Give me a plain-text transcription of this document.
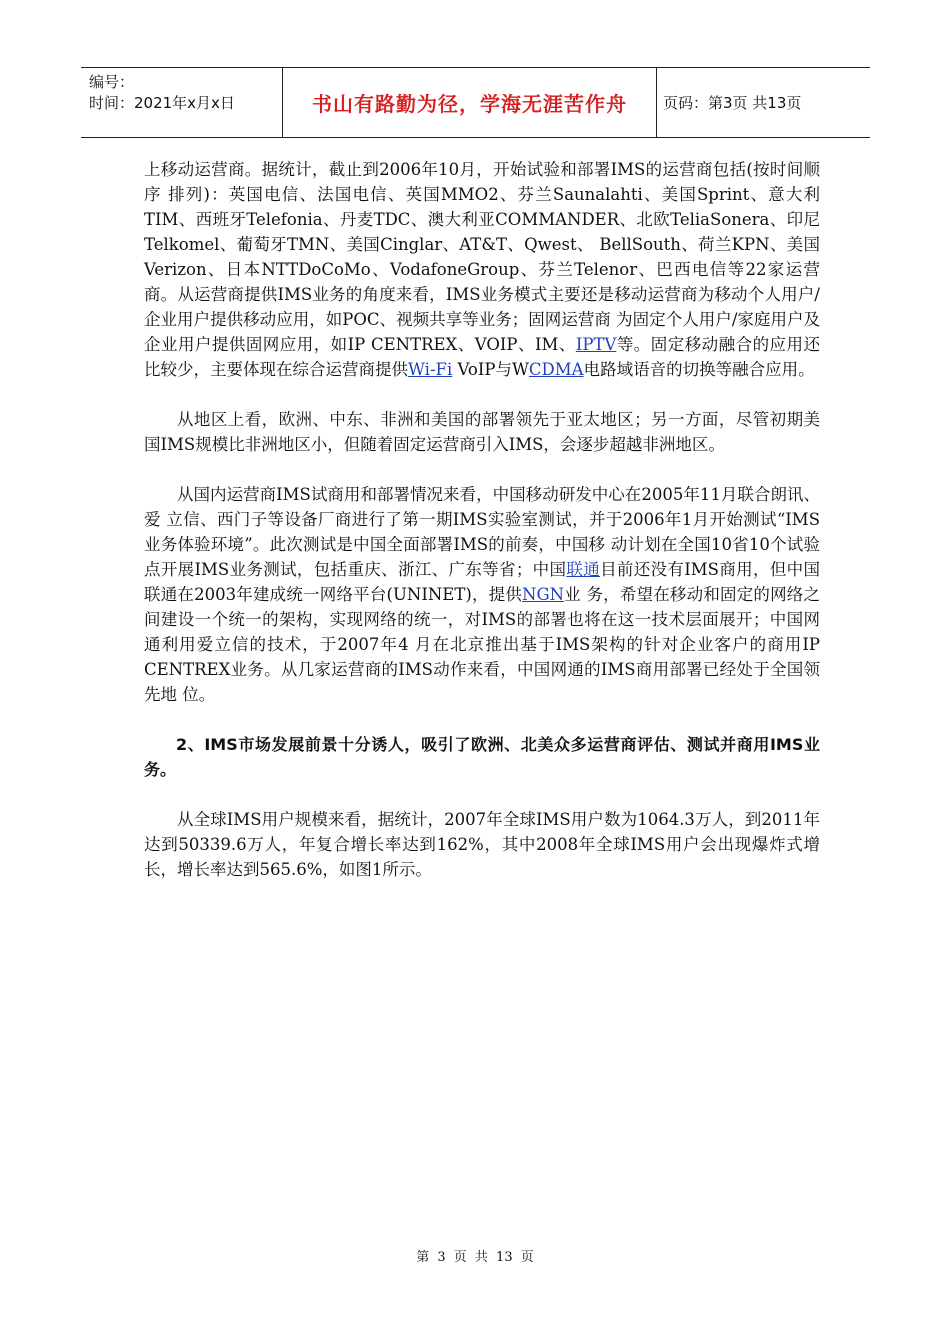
编号：
时间：2021年x月x日	书山有路勤为径，学海无涯苦作舟	页码：第3页 共13页

上移动运营商。据统计，截止到2006年10月，开始试验和部署IMS的运营商包括(按时间顺序 排列)：英国电信、法国电信、英国MMO2、芬兰Saunalahti、美国Sprint、意大利TIM、西班牙Telefonia、丹麦TDC、澳大利亚COMMANDER、北欧TeliaSonera、印尼Telkomel、葡萄牙TMN、美国Cinglar、AT&T、Qwest、 BellSouth、荷兰KPN、美国Verizon、日本NTTDoCoMo、VodafoneGroup、芬兰Telenor、巴西电信等22家运营 商。从运营商提供IMS业务的角度来看，IMS业务模式主要还是移动运营商为移动个人用户/企业用户提供移动应用，如POC、视频共享等业务；固网运营商 为固定个人用户/家庭用户及企业用户提供固网应用，如IP CENTREX、VOIP、IM、IPTV等。固定移动融合的应用还比较少，主要体现在综合运营商提供Wi-Fi VoIP与WCDMA电路域语音的切换等融合应用。

从地区上看，欧洲、中东、非洲和美国的部署领先于亚太地区；另一方面，尽管初期美国IMS规模比非洲地区小，但随着固定运营商引入IMS，会逐步超越非洲地区。

从国内运营商IMS试商用和部署情况来看，中国移动研发中心在2005年11月联合朗讯、爱 立信、西门子等设备厂商进行了第一期IMS实验室测试，并于2006年1月开始测试“IMS业务体验环境”。此次测试是中国全面部署IMS的前奏，中国移 动计划在全国10省10个试验点开展IMS业务测试，包括重庆、浙江、广东等省；中国联通目前还没有IMS商用，但中国联通在2003年建成统一网络平台(UNINET)，提供NGN业 务，希望在移动和固定的网络之间建设一个统一的架构，实现网络的统一，对IMS的部署也将在这一技术层面展开；中国网通利用爱立信的技术，于2007年4 月在北京推出基于IMS架构的针对企业客户的商用IP CENTREX业务。从几家运营商的IMS动作来看，中国网通的IMS商用部署已经处于全国领先地 位。

2、IMS市场发展前景十分诱人，吸引了欧洲、北美众多运营商评估、测试并商用IMS业务。

从全球IMS用户规模来看，据统计，2007年全球IMS用户数为1064.3万人，到2011年达到50339.6万人，年复合增长率达到162%，其中2008年全球IMS用户会出现爆炸式增长，增长率达到565.6%，如图1所示。

第 3 页 共 13 页
